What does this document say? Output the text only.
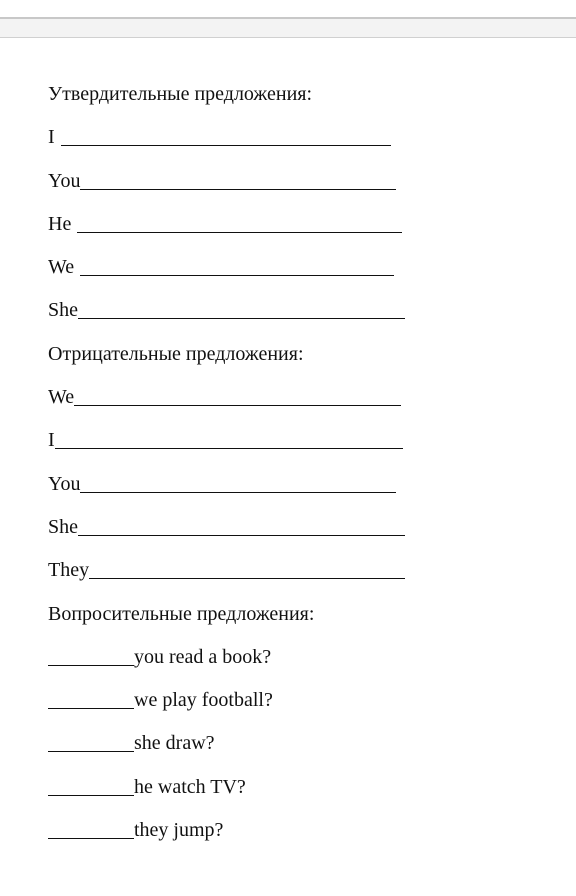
Утвердительные предложения:
I
You
He
We
She
Отрицательные предложения:
We
I
You
She
They
Вопросительные предложения:
you read a book?
we play football?
she draw?
he watch TV?
they jump?
